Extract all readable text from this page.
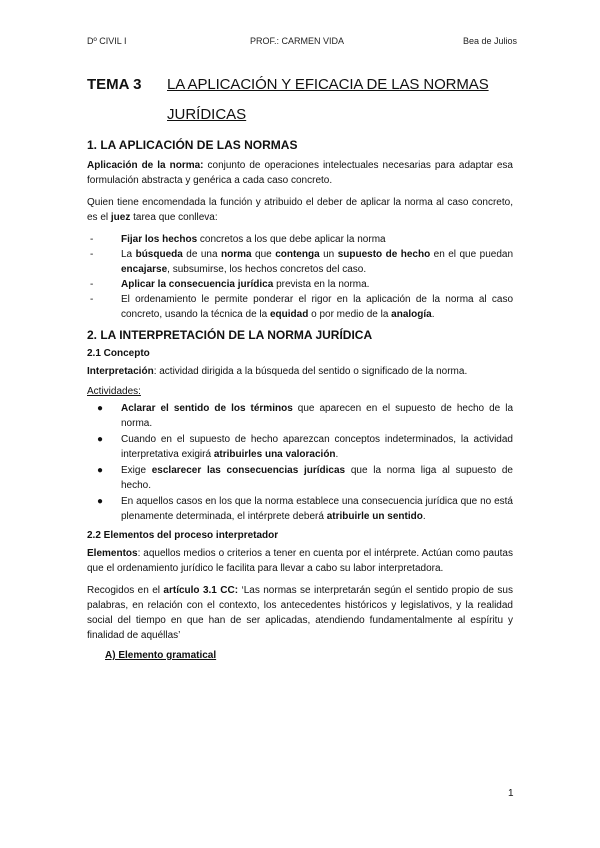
Dº CIVIL I	PROF.: CARMEN VIDA	Bea de Julios
TEMA 3 LA APLICACIÓN Y EFICACIA DE LAS NORMAS
JURÍDICAS
1. LA APLICACIÓN DE LAS NORMAS

Aplicación de la norma: conjunto de operaciones intelectuales necesarias para adaptar esa formulación abstracta y genérica a cada caso concreto.

Quien tiene encomendada la función y atribuido el deber de aplicar la norma al caso concreto, es el juez tarea que conlleva:

-	Fijar los hechos concretos a los que debe aplicar la norma
-	La búsqueda de una norma que contenga un supuesto de hecho en el que puedan encajarse, subsumirse, los hechos concretos del caso.
-	Aplicar la consecuencia jurídica prevista en la norma.
-	El ordenamiento le permite ponderar el rigor en la aplicación de la norma al caso concreto, usando la técnica de la equidad o por medio de la analogía.
2. LA INTERPRETACIÓN DE LA NORMA JURÍDICA
2.1 Concepto

Interpretación: actividad dirigida a la búsqueda del sentido o significado de la norma.

Actividades:
● Aclarar el sentido de los términos que aparecen en el supuesto de hecho de la norma.
● Cuando en el supuesto de hecho aparezcan conceptos indeterminados, la actividad interpretativa exigirá atribuirles una valoración.
● Exige esclarecer las consecuencias jurídicas que la norma liga al supuesto de hecho.
● En aquellos casos en los que la norma establece una consecuencia jurídica que no está plenamente determinada, el intérprete deberá atribuirle un sentido.
2.2 Elementos del proceso interpretador

Elementos: aquellos medios o criterios a tener en cuenta por el intérprete. Actúan como pautas que el ordenamiento jurídico le facilita para llevar a cabo su labor interpretadora.

Recogidos en el artículo 3.1 CC: ‘Las normas se interpretarán según el sentido propio de sus palabras, en relación con el contexto, los antecedentes históricos y legislativos, y la realidad social del tiempo en que han de ser aplicadas, atendiendo fundamentalmente al espíritu y finalidad de aquéllas’

A) Elemento gramatical
1
